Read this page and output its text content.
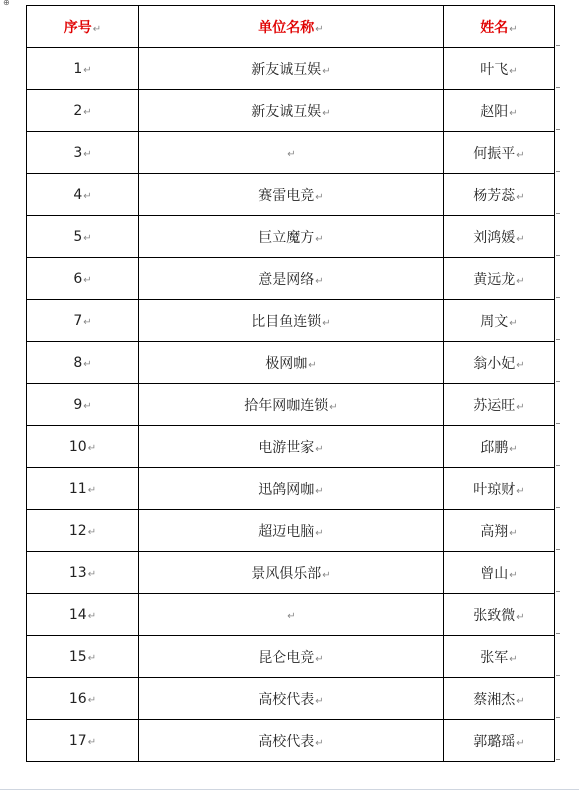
⊕
序号↵	单位名称↵	姓名↵
1↵	新友诚互娱↵	叶飞↵
2↵	新友诚互娱↵	赵阳↵
3↵	↵	何振平↵
4↵	赛雷电竞↵	杨芳蕊↵
5↵	巨立魔方↵	刘鸿媛↵
6↵	意是网络↵	黄远龙↵
7↵	比目鱼连锁↵	周文↵
8↵	极网咖↵	翁小妃↵
9↵	拾年网咖连锁↵	苏运旺↵
10↵	电游世家↵	邱鹏↵
11↵	迅鸽网咖↵	叶琼财↵
12↵	超迈电脑↵	高翔↵
13↵	景风俱乐部↵	曾山↵
14↵	↵	张致微↵
15↵	昆仑电竞↵	张军↵
16↵	高校代表↵	蔡湘杰↵
17↵	高校代表↵	郭璐瑶↵
